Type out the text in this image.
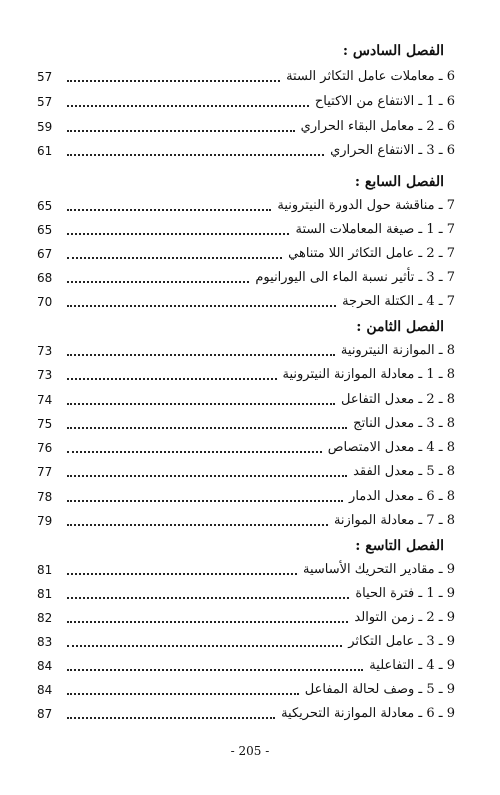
الفصل السادس :
57	6 ـ معاملات عامل التكاثر الستة
57	6 ـ 1 ـ الانتفاع من الاكتياح
59	6 ـ 2 ـ معامل البقاء الحراري
61	6 ـ 3 ـ الانتفاع الحراري
الفصل السابع :
65	7 ـ مناقشة حول الدورة النيترونية
65	7 ـ 1 ـ صيغة المعاملات الستة
67	7 ـ 2 ـ عامل التكاثر اللا متناهي
68	7 ـ 3 ـ تأثير نسبة الماء الى اليورانيوم
70	7 ـ 4 ـ الكتلة الحرجة
الفصل الثامن :
73	8 ـ الموازنة النيترونية
73	8 ـ 1 ـ معادلة الموازنة النيترونية
74	8 ـ 2 ـ معدل التفاعل
75	8 ـ 3 ـ معدل الناتج
76	8 ـ 4 ـ معدل الامتصاص
77	8 ـ 5 ـ معدل الفقد
78	8 ـ 6 ـ معدل الدمار
79	8 ـ 7 ـ معادلة الموازنة
الفصل التاسع :
81	9 ـ مقادير التحريك الأساسية
81	9 ـ 1 ـ فترة الحياة
82	9 ـ 2 ـ زمن التوالد
83	9 ـ 3 ـ عامل التكاثر
84	9 ـ 4 ـ التفاعلية
84	9 ـ 5 ـ وصف لحالة المفاعل
87	9 ـ 6 ـ معادلة الموازنة التحريكية
- 205 -
